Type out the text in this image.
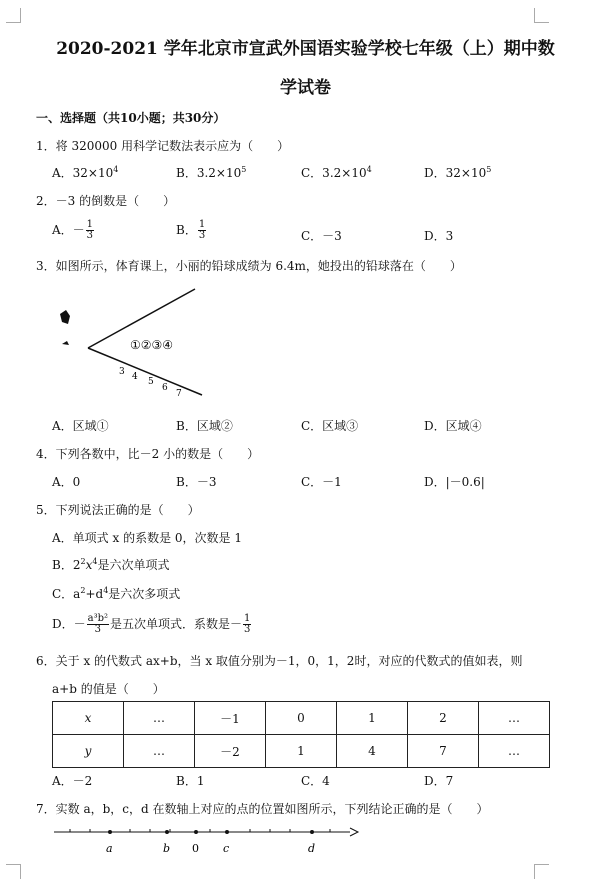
2020-2021 学年北京市宣武外国语实验学校七年级（上）期中数
学试卷
一、选择题（共10小题；共30分）
1．将 320000 用科学记数法表示应为（　　）
A．$32\times 10^4$	B．$3.2\times 10^5$	C．$3.2\times 10^4$	D．$32\times 10^5$
2．－3 的倒数是（　　）
A．－ $\frac{1}{3}$	B． $\frac{1}{3}$	C．－3	D．3
3．如图所示，体育课上，小丽的铅球成绩为 6.4m，她投出的铅球落在（　　）
①②③④
3 4 5
6
7
A．区域①	B．区域②	C．区域③	D．区域④
4．下列各数中，比－2 小的数是（　　）
A．0	B．－3	C．－1	D．|－0.6|
5．下列说法正确的是（　　）
A．单项式 x 的系数是 0，次数是 1
B．$2^2x^4$是六次单项式
C．$a^2+d^4$是六次多项式
D．－ $\frac{\text{a³b²}}{3}$ 是五次单项式．系数是－ $\frac{1}{3}$
6．关于 x 的代数式 ax+b，当 x 取值分别为－1，0，1，2时，对应的代数式的值如表，则
a+b 的值是（　　）
x	…	－1	0	1	2	…
y	…	－2	1	4	7	…
A．－2	B．1	C．4	D．7
7．实数 a，b，c，d 在数轴上对应的点的位置如图所示，下列结论正确的是（　　）
a	b 0 c	d
